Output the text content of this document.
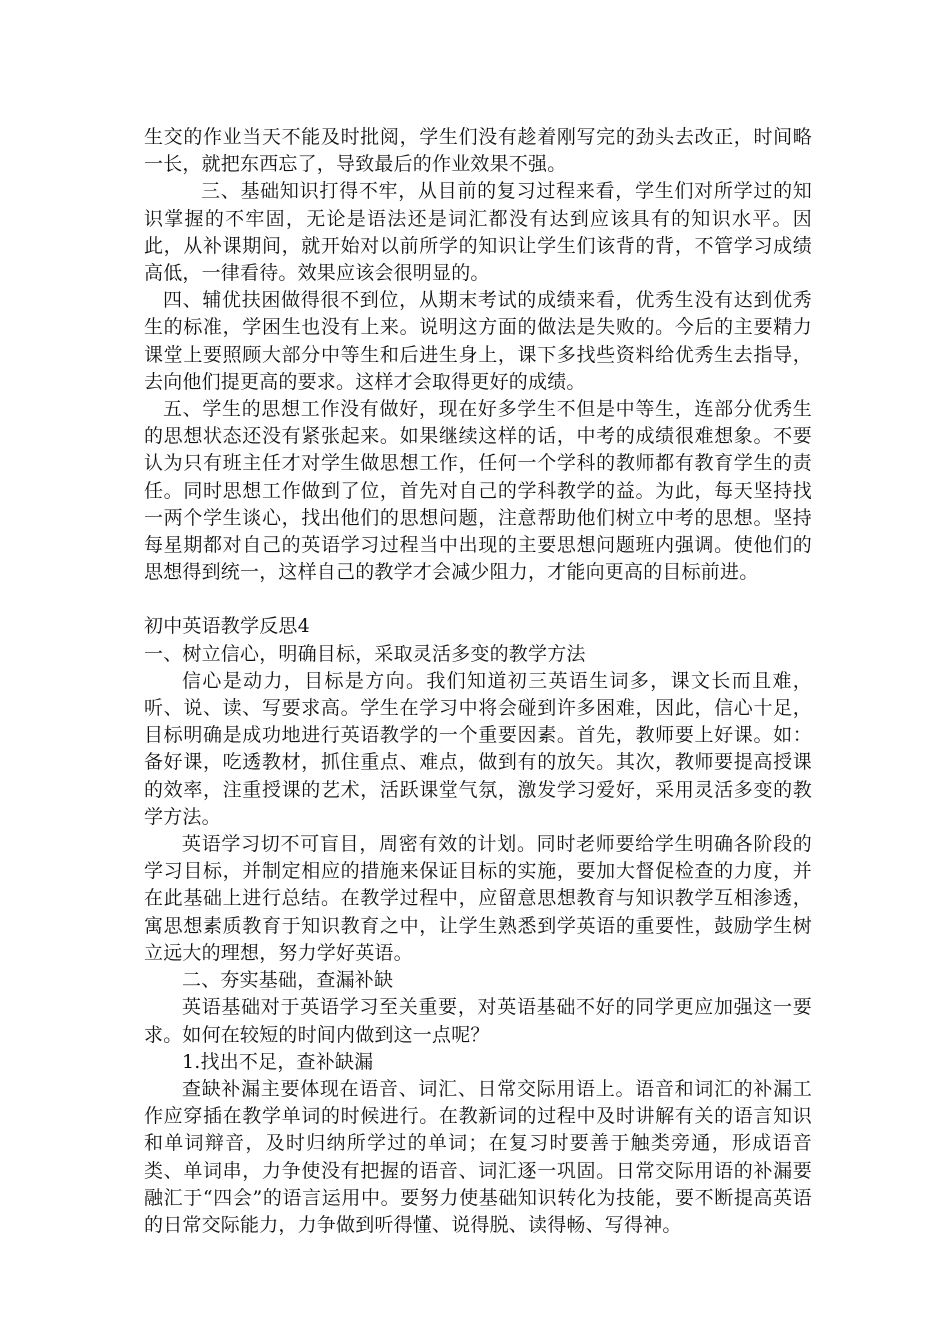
生交的作业当天不能及时批阅，学生们没有趁着刚写完的劲头去改正，时间略一长，就把东西忘了，导致最后的作业效果不强。

三、基础知识打得不牢，从目前的复习过程来看，学生们对所学过的知识掌握的不牢固，无论是语法还是词汇都没有达到应该具有的知识水平。因此，从补课期间，就开始对以前所学的知识让学生们该背的背，不管学习成绩高低，一律看待。效果应该会很明显的。

四、辅优扶困做得很不到位，从期末考试的成绩来看，优秀生没有达到优秀生的标准，学困生也没有上来。说明这方面的做法是失败的。今后的主要精力课堂上要照顾大部分中等生和后进生身上，课下多找些资料给优秀生去指导，去向他们提更高的要求。这样才会取得更好的成绩。

五、学生的思想工作没有做好，现在好多学生不但是中等生，连部分优秀生的思想状态还没有紧张起来。如果继续这样的话，中考的成绩很难想象。不要认为只有班主任才对学生做思想工作，任何一个学科的教师都有教育学生的责任。同时思想工作做到了位，首先对自己的学科教学的益。为此，每天坚持找一两个学生谈心，找出他们的思想问题，注意帮助他们树立中考的思想。坚持每星期都对自己的英语学习过程当中出现的主要思想问题班内强调。使他们的思想得到统一，这样自己的教学才会减少阻力，才能向更高的目标前进。

初中英语教学反思4

一、树立信心，明确目标，采取灵活多变的教学方法

信心是动力，目标是方向。我们知道初三英语生词多，课文长而且难，听、说、读、写要求高。学生在学习中将会碰到许多困难，因此，信心十足，目标明确是成功地进行英语教学的一个重要因素。首先，教师要上好课。如：备好课，吃透教材，抓住重点、难点，做到有的放矢。其次，教师要提高授课的效率，注重授课的艺术，活跃课堂气氛，激发学习爱好，采用灵活多变的教学方法。

英语学习切不可盲目，周密有效的计划。同时老师要给学生明确各阶段的学习目标，并制定相应的措施来保证目标的实施，要加大督促检查的力度，并在此基础上进行总结。在教学过程中，应留意思想教育与知识教学互相渗透，寓思想素质教育于知识教育之中，让学生熟悉到学英语的重要性，鼓励学生树立远大的理想，努力学好英语。

二、夯实基础，查漏补缺

英语基础对于英语学习至关重要，对英语基础不好的同学更应加强这一要求。如何在较短的时间内做到这一点呢？

1.找出不足，查补缺漏

查缺补漏主要体现在语音、词汇、日常交际用语上。语音和词汇的补漏工作应穿插在教学单词的时候进行。在教新词的过程中及时讲解有关的语言知识和单词辩音，及时归纳所学过的单词；在复习时要善于触类旁通，形成语音类、单词串，力争使没有把握的语音、词汇逐一巩固。日常交际用语的补漏要融汇于“四会”的语言运用中。要努力使基础知识转化为技能，要不断提高英语的日常交际能力，力争做到听得懂、说得脱、读得畅、写得神。
